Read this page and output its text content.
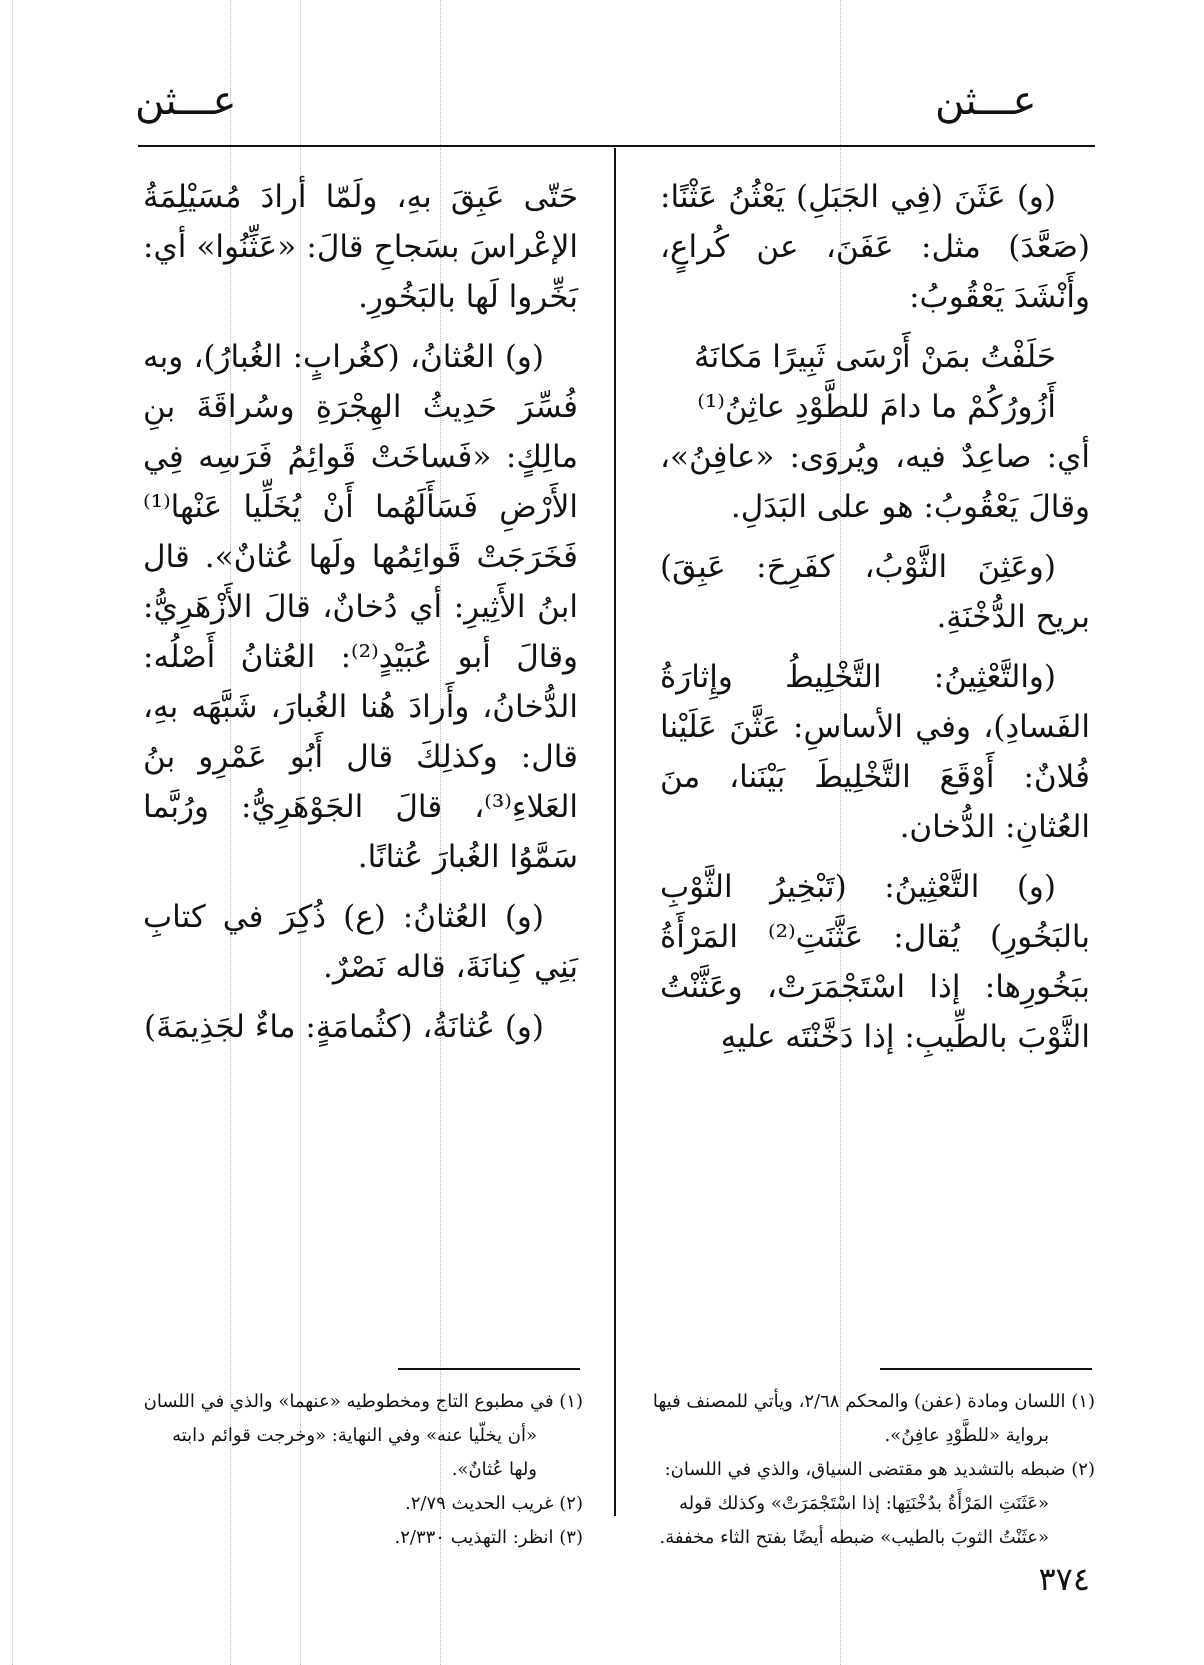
عـــثن
عـــثن

(و) عَثَنَ (فِي الجَبَلِ) يَعْثُنُ عَثْنًا: (صَعَّدَ) مثل: عَفَنَ، عن كُراعٍ، وأَنْشَدَ يَعْقُوبُ:

حَلَفْتُ بمَنْ أَرْسَى ثَبِيرًا مَكانَهُ

أَزُورُكُمْ ما دامَ للطَّوْدِ عاثِنُ⁽¹⁾

أي: صاعِدٌ فيه، ويُروَى: «عافِنُ»، وقالَ يَعْقُوبُ: هو على البَدَلِ.

(وعَثِنَ الثَّوْبُ، كفَرِحَ: عَبِقَ) بريح الدُّخْنَةِ.

(والتَّعْثِينُ: التَّخْلِيطُ وإِثارَةُ الفَسادِ)، وفي الأساسِ: عَثَّنَ عَلَيْنا فُلانٌ: أَوْقَعَ التَّخْلِيطَ بَيْنَنا، منَ العُثانِ: الدُّخان.

(و) التَّعْثِينُ: (تَبْخِيرُ الثَّوْبِ بالبَخُورِ) يُقال: عَثَّنَتِ⁽²⁾ المَرْأَةُ ببَخُورِها: إذا اسْتَجْمَرَتْ، وعَثَّنْتُ الثَّوْبَ بالطِّيبِ: إذا دَخَّنْتَه عليهِ

حَتّى عَبِقَ بهِ، ولَمّا أرادَ مُسَيْلِمَةُ الإعْراسَ بسَجاحِ قالَ: «عَثِّنُوا» أي: بَخِّروا لَها بالبَخُورِ.

(و) العُثانُ، (كغُرابٍ: الغُبارُ)، وبه فُسِّرَ حَدِيثُ الهِجْرَةِ وسُراقَةَ بنِ مالِكٍ: «فَساخَتْ قَوائِمُ فَرَسِه فِي الأَرْضِ فَسَأَلَهُما أَنْ يُخَلِّيا عَنْها⁽¹⁾ فَخَرَجَتْ قَوائِمُها ولَها عُثانٌ». قال ابنُ الأَثِيرِ: أي دُخانٌ، قالَ الأَزْهَرِيُّ: وقالَ أبو عُبَيْدٍ⁽²⁾: العُثانُ أَصْلُه: الدُّخانُ، وأَرادَ هُنا الغُبارَ، شَبَّهَه بهِ، قال: وكذلِكَ قال أَبُو عَمْرِو بنُ العَلاءِ⁽³⁾، قالَ الجَوْهَرِيُّ: ورُبَّما سَمَّوُا الغُبارَ عُثانًا.

(و) العُثانُ: (ع) ذُكِرَ في كتابِ بَنِي كِنانَةَ، قاله نَصْرٌ.

(و) عُثانَةُ، (كثُمامَةٍ: ماءٌ لجَذِيمَةَ)

(١) اللسان ومادة (عفن) والمحكم ٢/٦٨، ويأتي للمصنف فيها برواية «للطَّوْدِ عافِنُ».

(٢) ضبطه بالتشديد هو مقتضى السياق، والذي في اللسان: «عَثَنَتِ المَرْأَةُ بدُخْنَتِها: إذا اسْتَجْمَرَتْ» وكذلك قوله «عثَنْتُ الثوبَ بالطيب» ضبطه أيضًا بفتح الثاء مخففة.

(١) في مطبوع التاج ومخطوطيه «عنهما» والذي في اللسان «أن يخلّيا عنه» وفي النهاية: «وخرجت قوائم دابته ولها عُثانٌ».

(٢) غريب الحديث ٢/٧٩.

(٣) انظر: التهذيب ٢/٣٣٠.

٣٧٤
